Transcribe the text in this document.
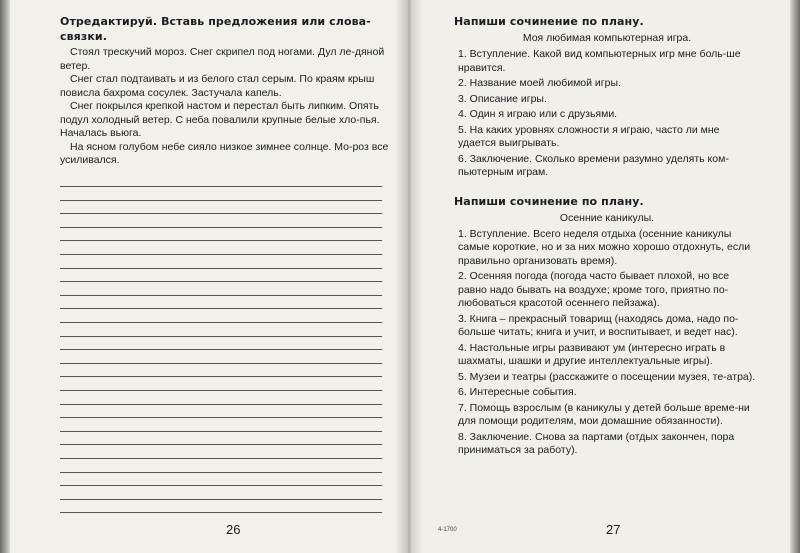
Отредактируй. Вставь предложения или слова-связки.

Стоял трескучий мороз. Снег скрипел под ногами. Дул ле-дяной ветер.

Снег стал подтаивать и из белого стал серым. По краям крыш повисла бахрома сосулек. Застучала капель.

Снег покрылся крепкой настом и перестал быть липким. Опять подул холодный ветер. С неба повалили крупные белые хло-пья. Началась вьюга.

На ясном голубом небе сияло низкое зимнее солнце. Мо-роз все усиливался.

26
Напиши сочинение по плану.
Моя любимая компьютерная игра.

1. Вступление. Какой вид компьютерных игр мне боль-ше нравится.

2. Название моей любимой игры.

3. Описание игры.

4. Один я играю или с друзьями.

5. На каких уровнях сложности я играю, часто ли мне удается выигрывать.

6. Заключение. Сколько времени разумно уделять ком-пьютерным играм.

Напиши сочинение по плану.
Осенние каникулы.

1. Вступление. Всего неделя отдыха (осенние каникулы самые короткие, но и за них можно хорошо отдохнуть, если правильно организовать время).

2. Осенняя погода (погода часто бывает плохой, но все равно надо бывать на воздухе; кроме того, приятно по-любоваться красотой осеннего пейзажа).

3. Книга – прекрасный товарищ (находясь дома, надо по-больше читать; книга и учит, и воспитывает, и ведет нас).

4. Настольные игры развивают ум (интересно играть в шахматы, шашки и другие интеллектуальные игры).

5. Музеи и театры (расскажите о посещении музея, те-атра).

6. Интересные события.

7. Помощь взрослым (в каникулы у детей больше време-ни для помощи родителям, мои домашние обязанности).

8. Заключение. Снова за партами (отдых закончен, пора приниматься за работу).

4-1700	27
